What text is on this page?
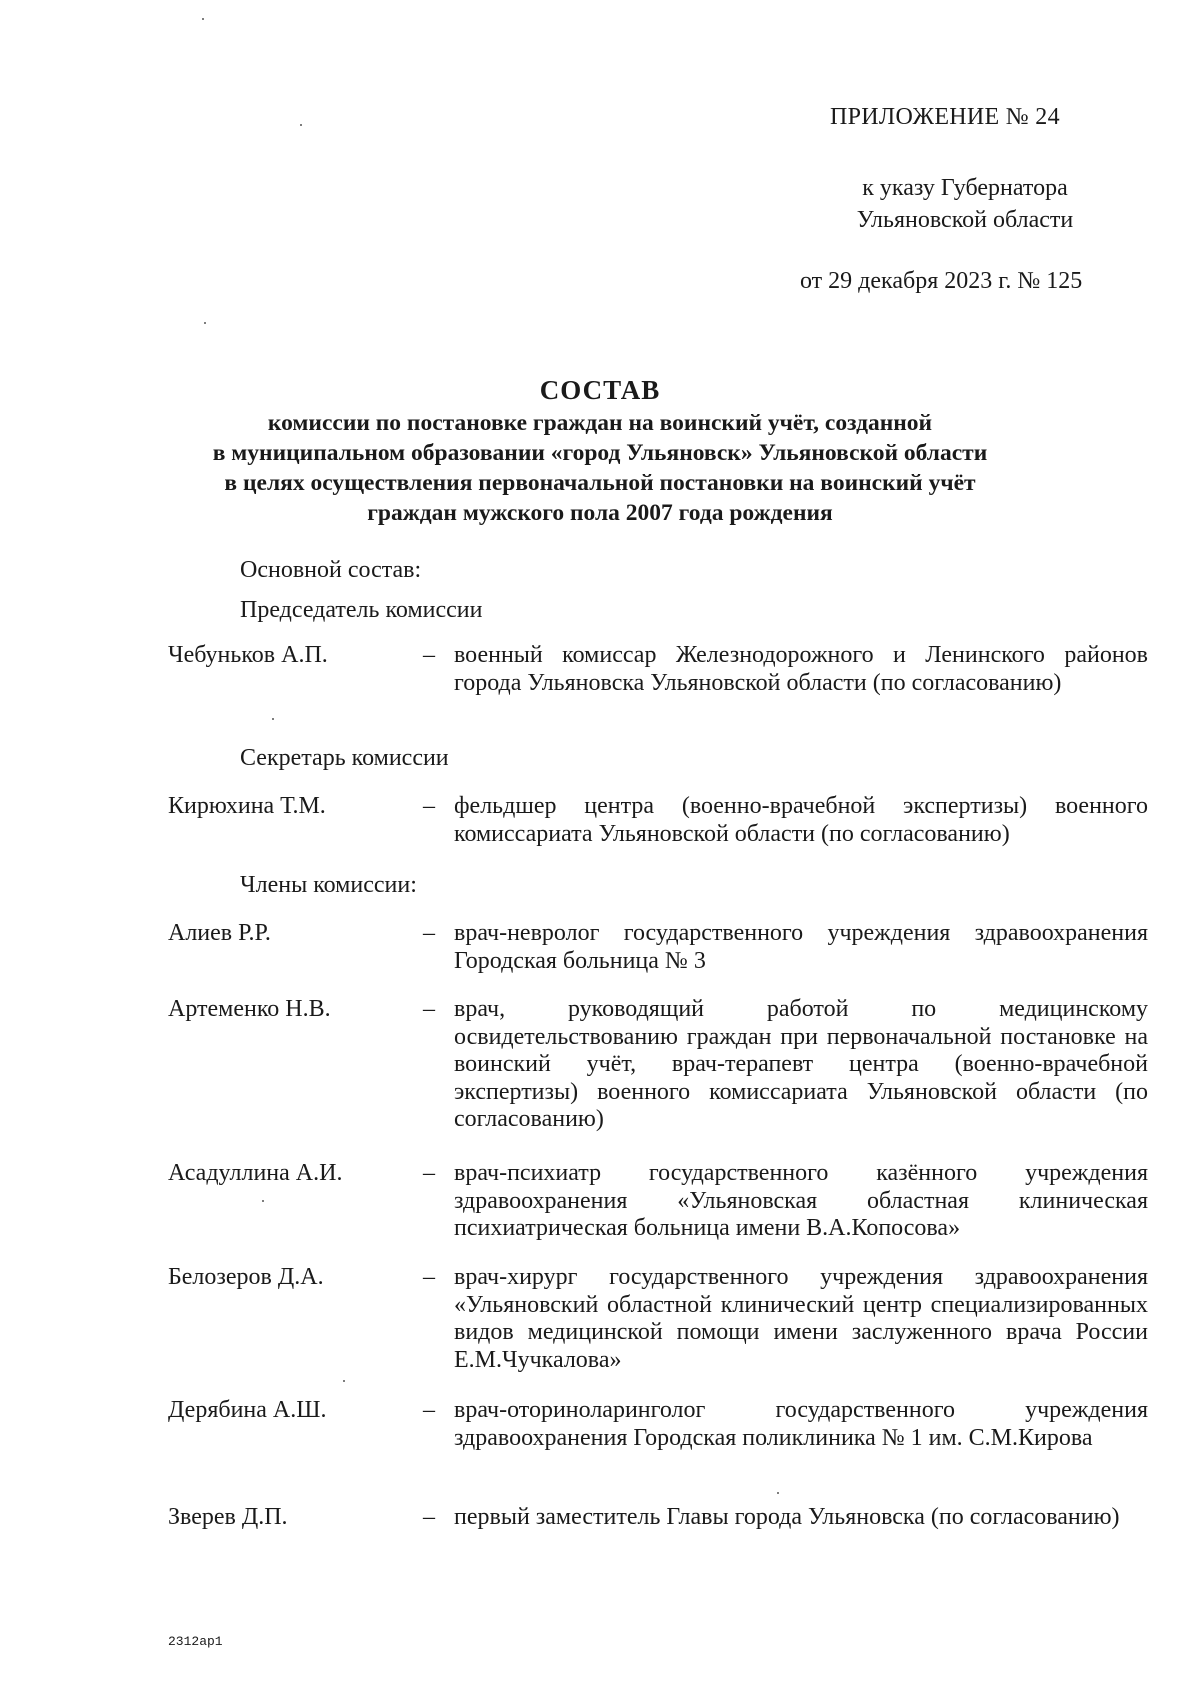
ПРИЛОЖЕНИЕ № 24
к указу Губернатора
Ульяновской области
от 29 декабря 2023 г. № 125
СОСТАВ
комиссии по постановке граждан на воинский учёт, созданной
в муниципальном образовании «город Ульяновск» Ульяновской области
в целях осуществления первоначальной постановки на воинский учёт
граждан мужского пола 2007 года рождения
Основной состав:
Председатель комиссии
Чебуньков А.П.	– военный комиссар Железнодорожного и Ленинского районов города Ульяновска Ульяновской области (по согласованию)
Секретарь комиссии
Кирюхина Т.М.	– фельдшер центра (военно-врачебной экспертизы) военного комиссариата Ульяновской области (по согласованию)
Члены комиссии:
Алиев Р.Р.	– врач-невролог государственного учреждения здравоохранения Городская больница № 3
Артеменко Н.В.	– врач, руководящий работой по медицинскому освидетельствованию граждан при первоначальной постановке на воинский учёт, врач-терапевт центра (военно-врачебной экспертизы) военного комиссариата Ульяновской области (по согласованию)
Асадуллина А.И.	– врач-психиатр государственного казённого учреждения здравоохранения «Ульяновская областная клиническая психиатрическая больница имени В.А.Копосова»
Белозеров Д.А.	– врач-хирург государственного учреждения здравоохранения «Ульяновский областной клинический центр специализированных видов медицинской помощи имени заслуженного врача России Е.М.Чучкалова»
Дерябина А.Ш.	– врач-оториноларинголог государственного учреждения здравоохранения Городская поликлиника № 1 им. С.М.Кирова
Зверев Д.П.	– первый заместитель Главы города Ульяновска (по согласованию)
2312ap1
